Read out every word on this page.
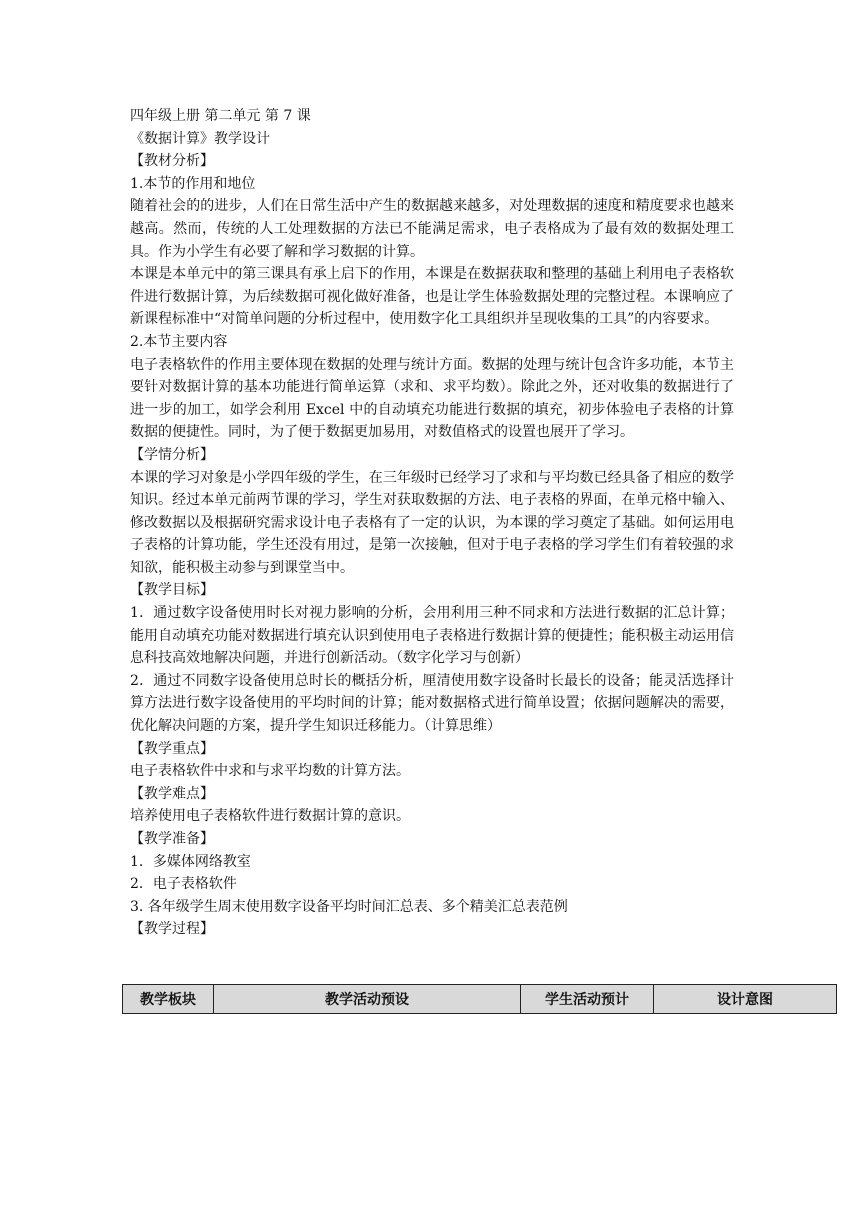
四年级上册 第二单元 第 7 课
《数据计算》教学设计
【教材分析】
1.本节的作用和地位

随着社会的的进步，人们在日常生活中产生的数据越来越多，对处理数据的速度和精度要求也越来越高。然而，传统的人工处理数据的方法已不能满足需求，电子表格成为了最有效的数据处理工具。作为小学生有必要了解和学习数据的计算。

本课是本单元中的第三课具有承上启下的作用，本课是在数据获取和整理的基础上利用电子表格软件进行数据计算，为后续数据可视化做好准备，也是让学生体验数据处理的完整过程。本课响应了新课程标准中“对简单问题的分析过程中，使用数字化工具组织并呈现收集的工具”的内容要求。

2.本节主要内容

电子表格软件的作用主要体现在数据的处理与统计方面。数据的处理与统计包含许多功能，本节主要针对数据计算的基本功能进行简单运算（求和、求平均数）。除此之外，还对收集的数据进行了进一步的加工，如学会利用 Excel 中的自动填充功能进行数据的填充，初步体验电子表格的计算数据的便捷性。同时，为了便于数据更加易用，对数值格式的设置也展开了学习。

【学情分析】

本课的学习对象是小学四年级的学生，在三年级时已经学习了求和与平均数已经具备了相应的数学知识。经过本单元前两节课的学习，学生对获取数据的方法、电子表格的界面，在单元格中输入、修改数据以及根据研究需求设计电子表格有了一定的认识，为本课的学习奠定了基础。如何运用电子表格的计算功能，学生还没有用过，是第一次接触，但对于电子表格的学习学生们有着较强的求知欲，能积极主动参与到课堂当中。

【教学目标】

1．通过数字设备使用时长对视力影响的分析，会用利用三种不同求和方法进行数据的汇总计算；能用自动填充功能对数据进行填充认识到使用电子表格进行数据计算的便捷性；能积极主动运用信息科技高效地解决问题，并进行创新活动。（数字化学习与创新）

2．通过不同数字设备使用总时长的概括分析，厘清使用数字设备时长最长的设备；能灵活选择计算方法进行数字设备使用的平均时间的计算；能对数据格式进行简单设置；依据问题解决的需要，优化解决问题的方案，提升学生知识迁移能力。（计算思维）

【教学重点】
电子表格软件中求和与求平均数的计算方法。
【教学难点】
培养使用电子表格软件进行数据计算的意识。
【教学准备】
1．多媒体网络教室
2．电子表格软件
3. 各年级学生周末使用数字设备平均时间汇总表、多个精美汇总表范例
【教学过程】
教学板块	教学活动预设	学生活动预计	设计意图
